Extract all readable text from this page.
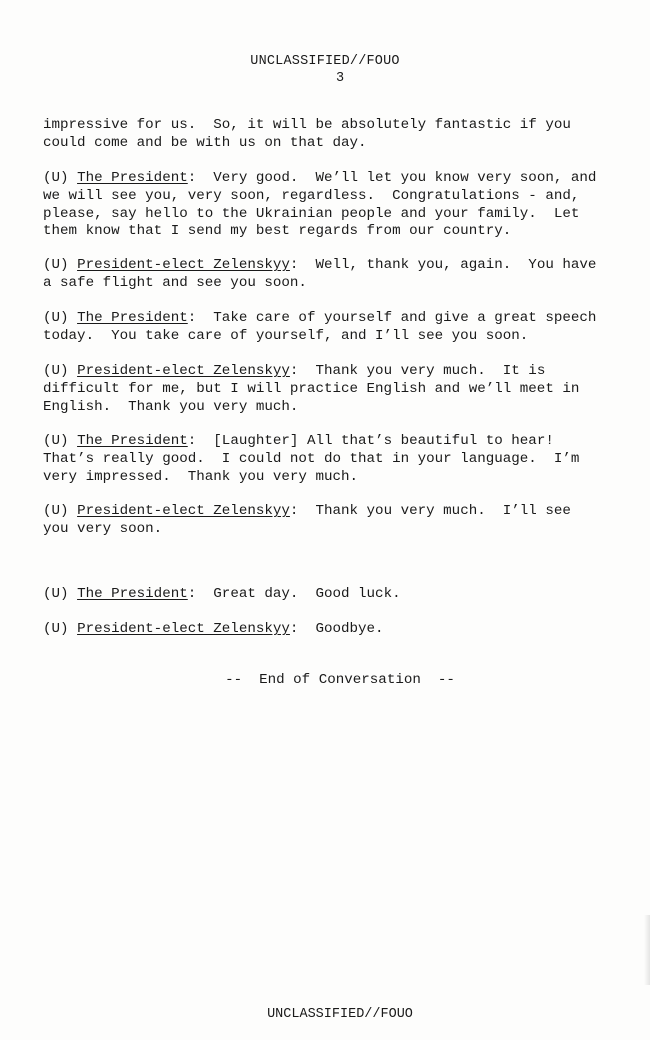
UNCLASSIFIED//FOUO
3
impressive for us.  So, it will be absolutely fantastic if you
could come and be with us on that day.
(U) The President:  Very good.  We’ll let you know very soon, and
we will see you, very soon, regardless.  Congratulations - and,
please, say hello to the Ukrainian people and your family.  Let
them know that I send my best regards from our country.
(U) President-elect Zelenskyy:  Well, thank you, again.  You have
a safe flight and see you soon.
(U) The President:  Take care of yourself and give a great speech
today.  You take care of yourself, and I’ll see you soon.
(U) President-elect Zelenskyy:  Thank you very much.  It is
difficult for me, but I will practice English and we’ll meet in
English.  Thank you very much.
(U) The President:  [Laughter] All that’s beautiful to hear!
That’s really good.  I could not do that in your language.  I’m
very impressed.  Thank you very much.
(U) President-elect Zelenskyy:  Thank you very much.  I’ll see
you very soon.
(U) The President:  Great day.  Good luck.
(U) President-elect Zelenskyy:  Goodbye.
--  End of Conversation  --
UNCLASSIFIED//FOUO
